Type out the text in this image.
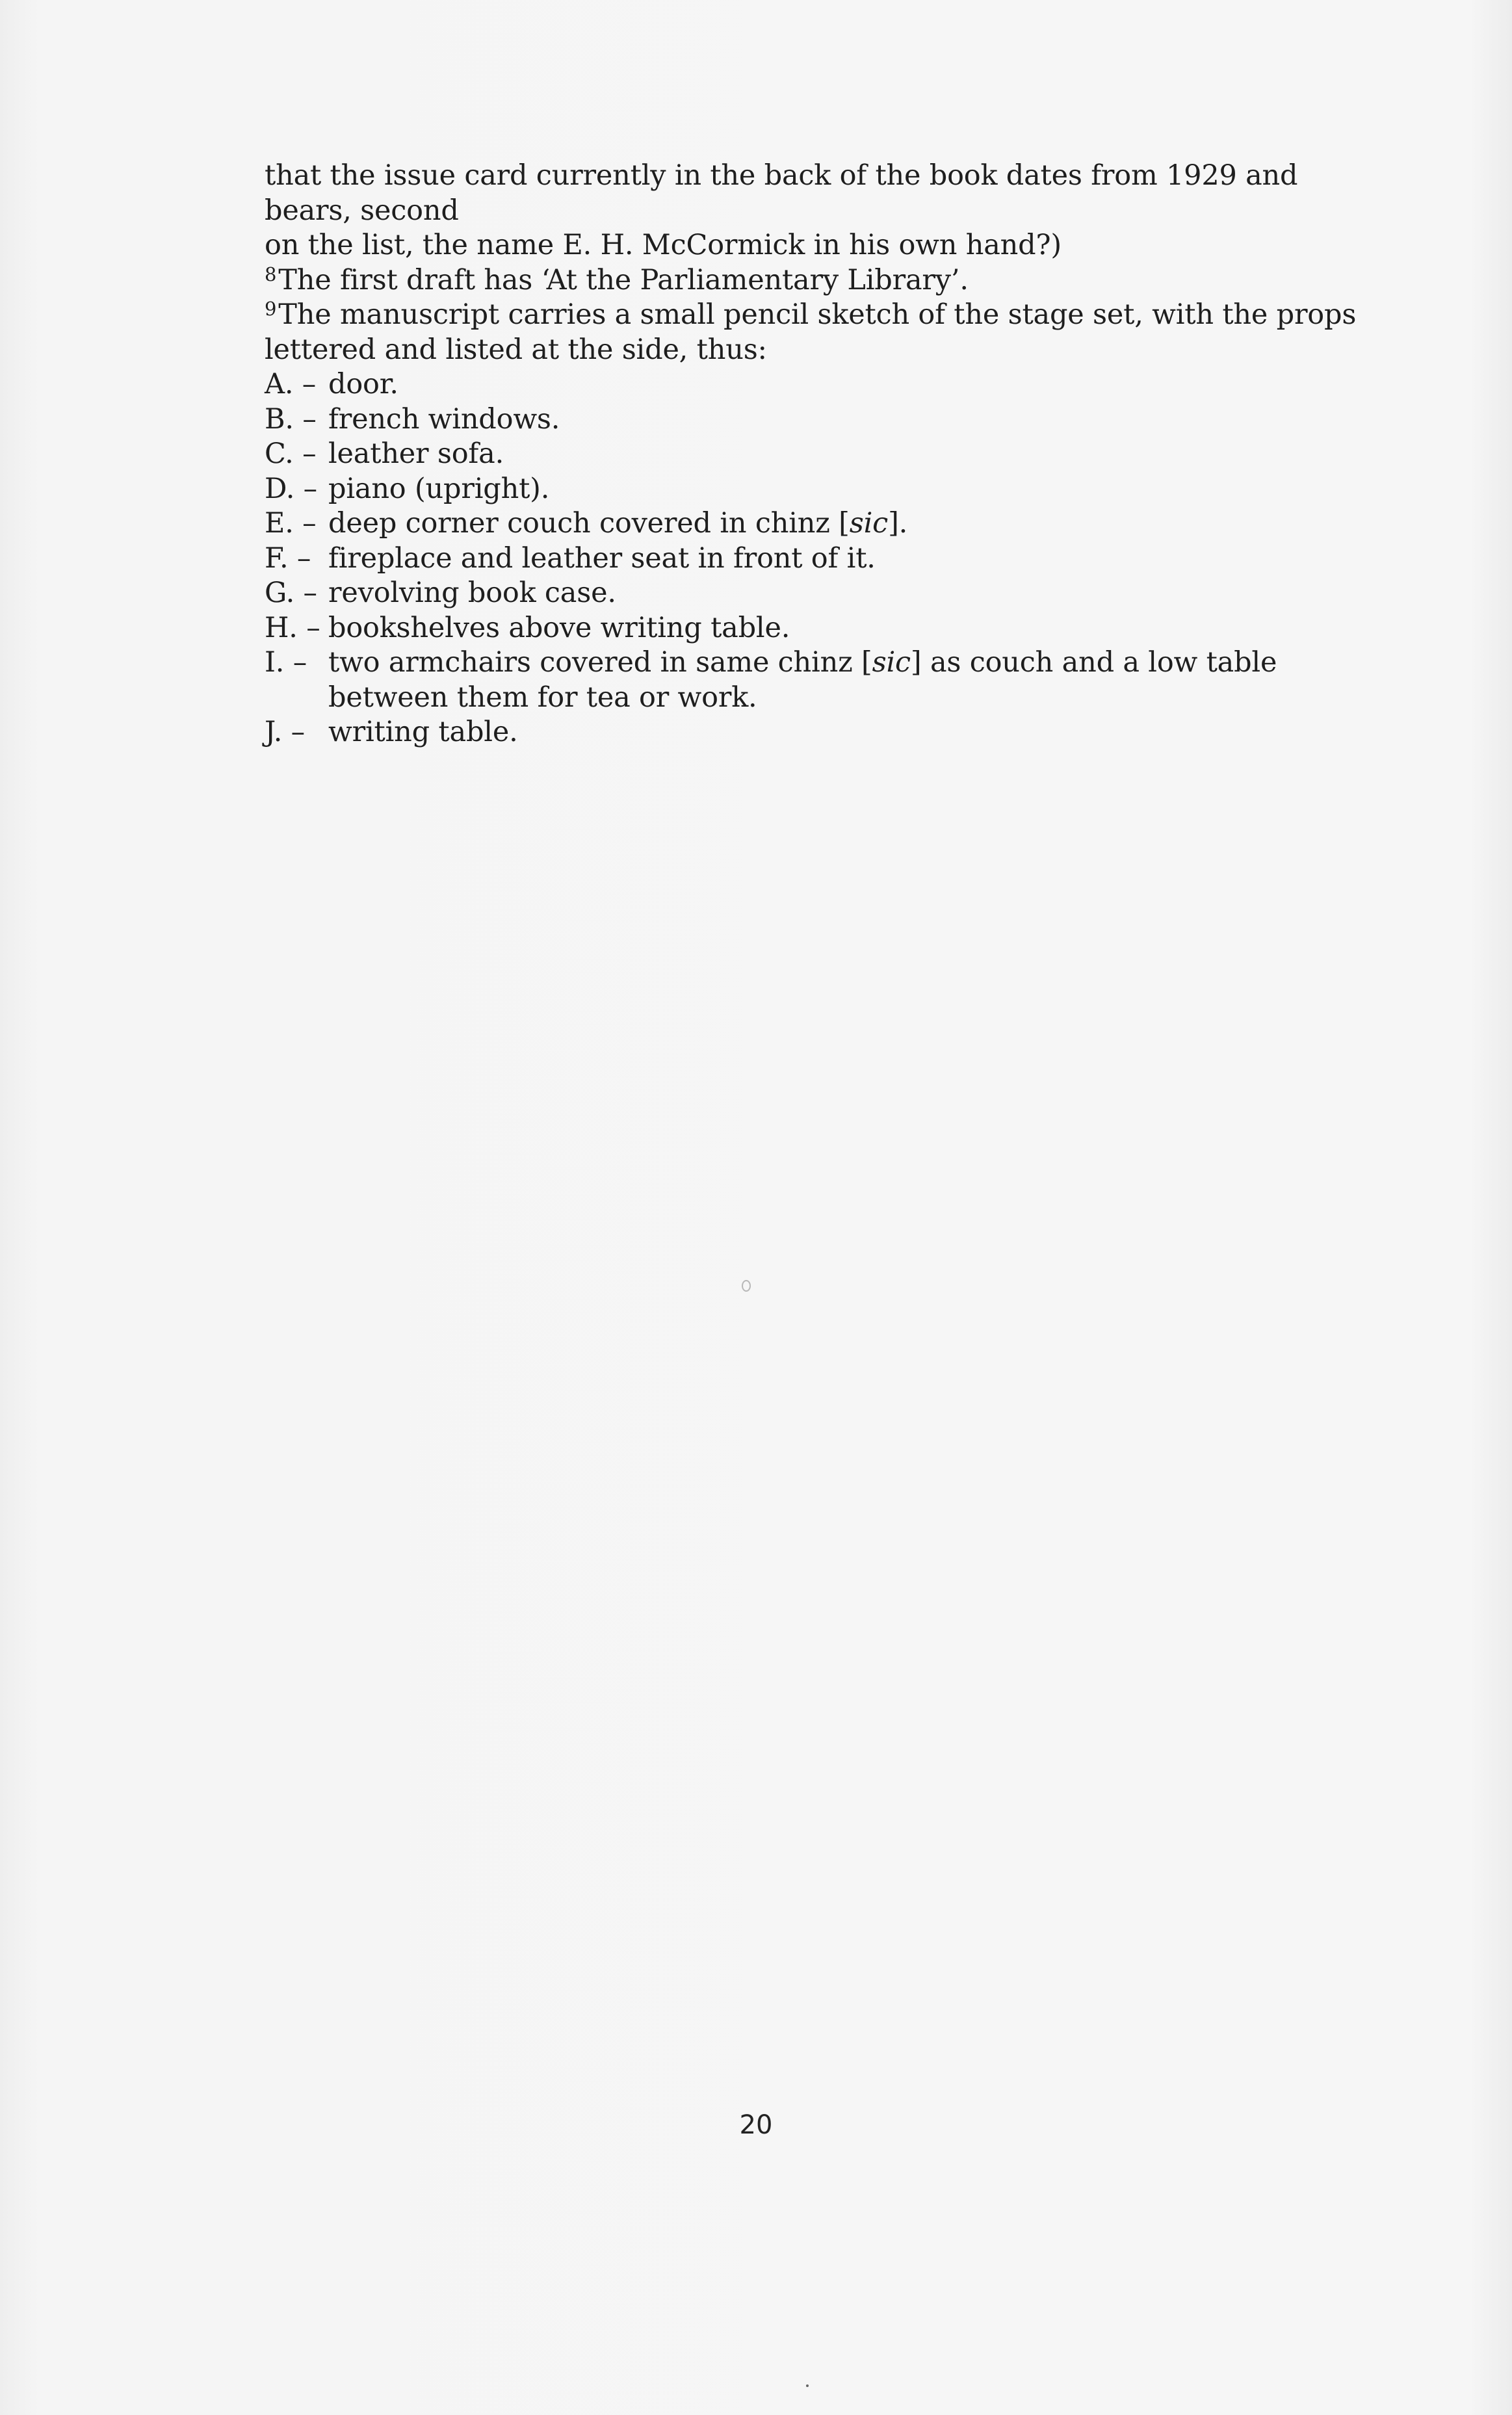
that the issue card currently in the back of the book dates from 1929 and bears, second
on the list, the name E. H. McCormick in his own hand?)

$^8$The first draft has ‘At the Parliamentary Library’.

$^9$The manuscript carries a small pencil sketch of the stage set, with the props lettered and listed at the side, thus:

A. – door.
B. – french windows.
C. – leather sofa.
D. – piano (upright).
E. – deep corner couch covered in chinz [sic].
F. – fireplace and leather seat in front of it.
G. – revolving book case.
H. – bookshelves above writing table.
I. – two armchairs covered in same chinz [sic] as couch and a low table between them for tea or work.
J. – writing table.
20
